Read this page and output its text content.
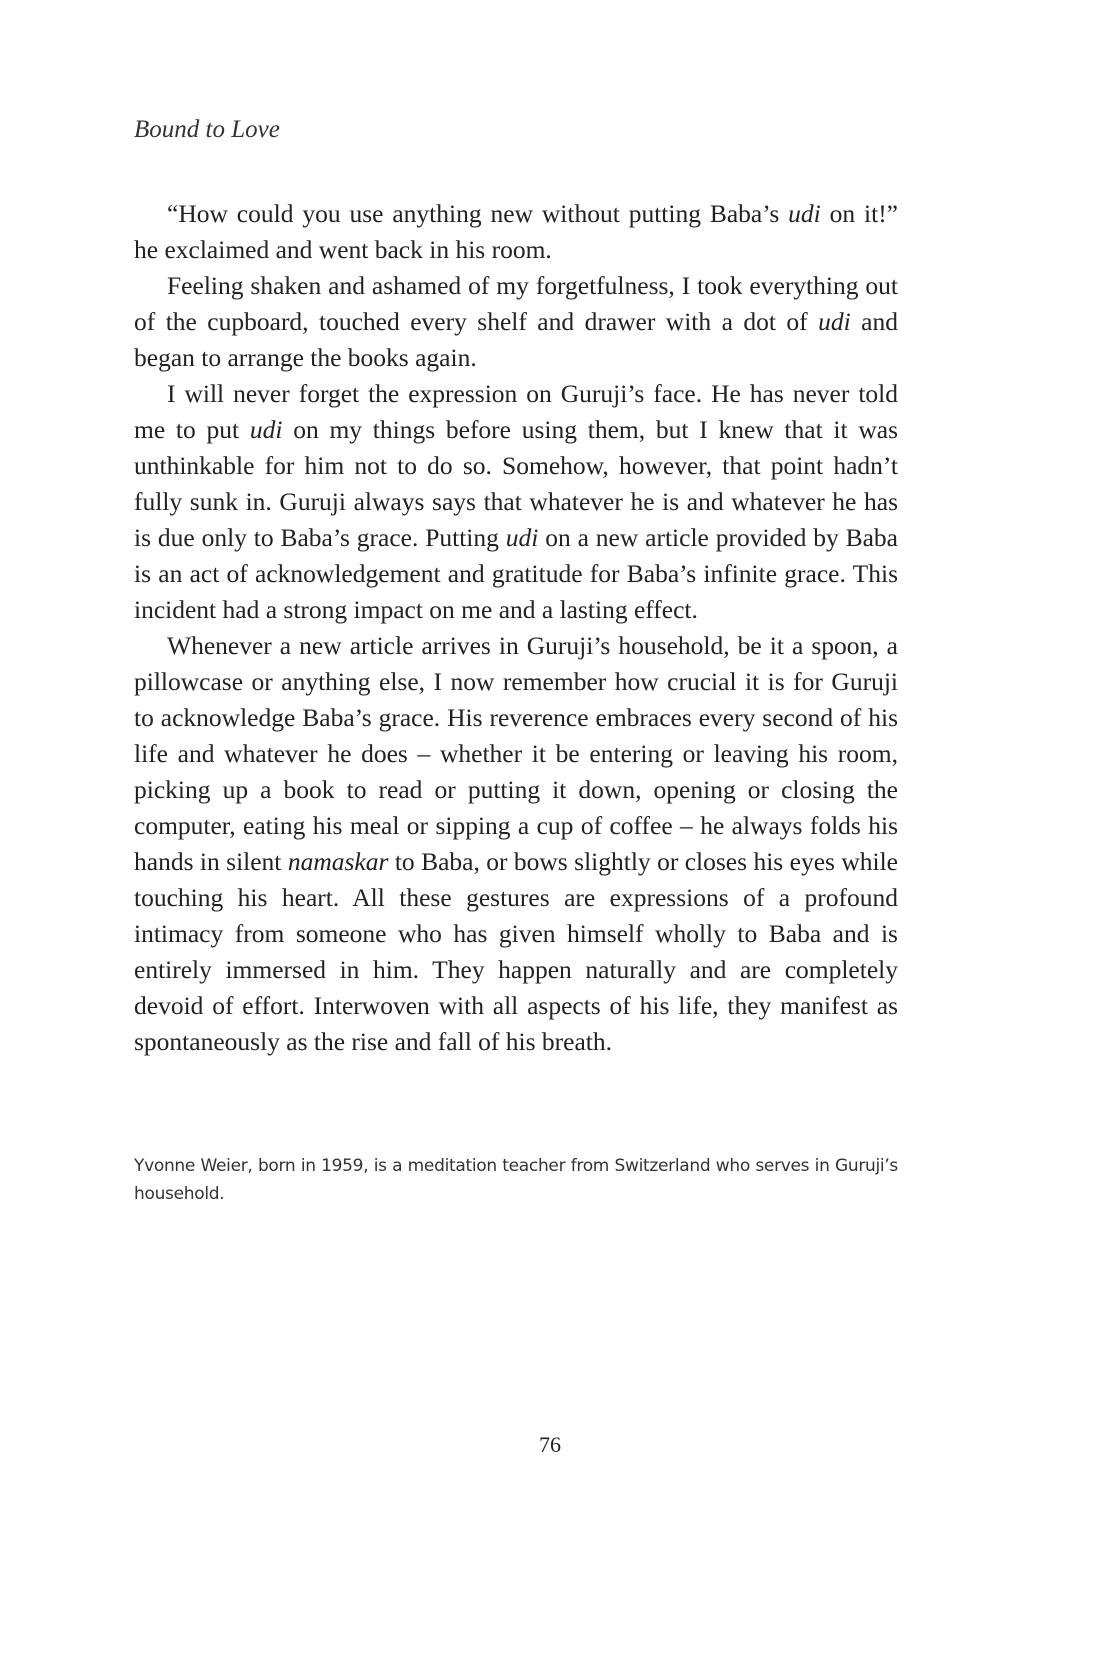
Bound to Love

“How could you use anything new without putting Baba’s udi on it!” he exclaimed and went back in his room.

Feeling shaken and ashamed of my forgetfulness, I took everything out of the cupboard, touched every shelf and drawer with a dot of udi and began to arrange the books again.

I will never forget the expression on Guruji’s face. He has never told me to put udi on my things before using them, but I knew that it was unthinkable for him not to do so. Somehow, however, that point hadn’t fully sunk in. Guruji always says that whatever he is and whatever he has is due only to Baba’s grace. Putting udi on a new article provided by Baba is an act of acknowledgement and gratitude for Baba’s infinite grace. This incident had a strong impact on me and a lasting effect.

Whenever a new article arrives in Guruji’s household, be it a spoon, a pillowcase or anything else, I now remember how crucial it is for Guruji to acknowledge Baba’s grace. His reverence embraces every second of his life and whatever he does – whether it be entering or leaving his room, picking up a book to read or putting it down, opening or closing the computer, eating his meal or sipping a cup of coffee – he always folds his hands in silent namaskar to Baba, or bows slightly or closes his eyes while touching his heart. All these gestures are expressions of a profound intimacy from someone who has given himself wholly to Baba and is entirely immersed in him. They happen naturally and are completely devoid of effort. Interwoven with all aspects of his life, they manifest as spontaneously as the rise and fall of his breath.

Yvonne Weier, born in 1959, is a meditation teacher from Switzerland who serves in Guruji’s household.
76
